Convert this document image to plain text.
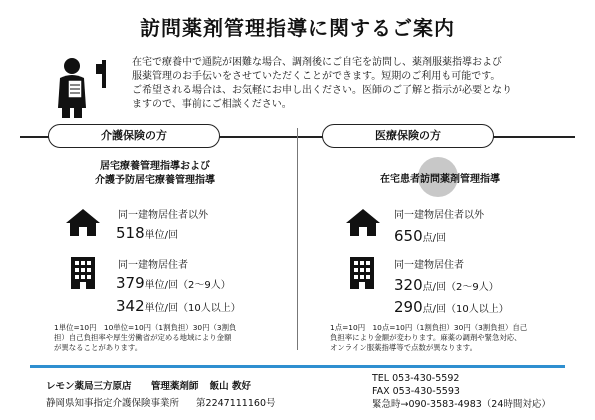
訪問薬剤管理指導に関するご案内
在宅で療養中で通院が困難な場合、調剤後にご自宅を訪問し、薬剤服薬指導および
服薬管理のお手伝いをさせていただくことができます。短期のご利用も可能です。
ご希望される場合は、お気軽にお申し出ください。医師のご了解と指示が必要となり
ますので、事前にご相談ください。
介護保険の方	医療保険の方
居宅療養管理指導および
介護予防居宅療養管理指導
同一建物居住者以外
518単位/回
同一建物居住者
379単位/回（2～9人）
342単位/回（10人以上）
1単位=10円　10単位=10円（1割負担）30円（3割負
担）自己負担率や厚生労働省が定める地域により金額
が異なることがあります。
在宅患者訪問薬剤管理指導
同一建物居住者以外
650点/回
同一建物居住者
320点/回（2～9人）
290点/回（10人以上）
1点=10円　10点=10円（1割負担）30円（3割負担）自己
負担率により金額が変わります。麻薬の調剤や緊急対応、
オンライン服薬指導等で点数が異なります。
レモン薬局三方原店 管理薬剤師 飯山 教好
静岡県知事指定介護保険事業所 第2247111160号
TEL 053-430-5592
FAX 053-430-5593
緊急時→090-3583-4983（24時間対応）
